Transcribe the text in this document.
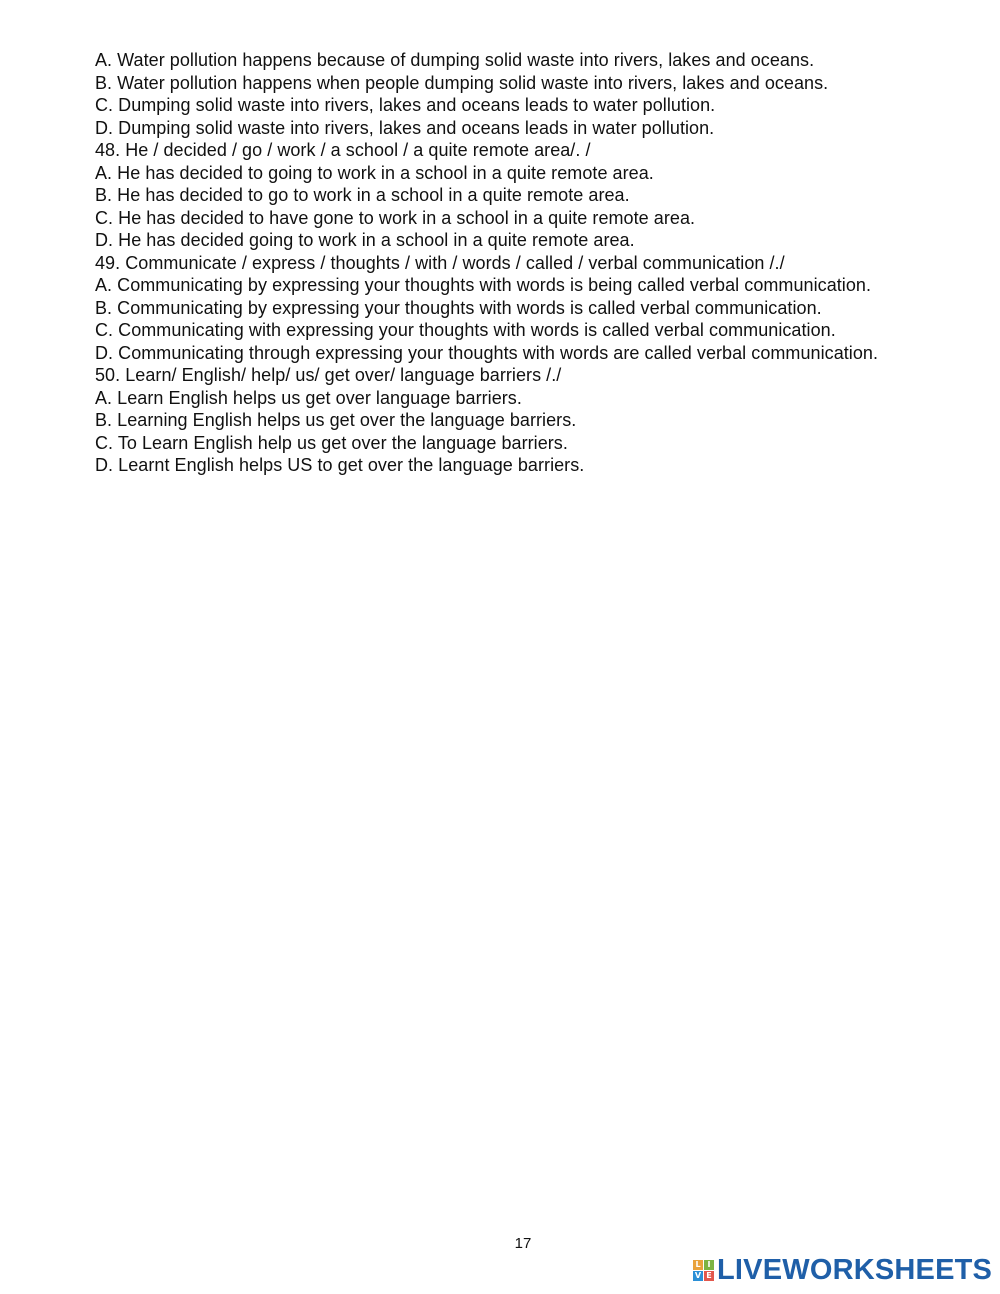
A. Water pollution happens because of dumping solid waste into rivers, lakes and oceans.
B. Water pollution happens when people dumping solid waste into rivers, lakes and oceans.
C. Dumping solid waste into rivers, lakes and oceans leads to water pollution.
D. Dumping solid waste into rivers, lakes and oceans leads in water pollution.
48. He / decided / go / work / a school / a quite remote area/. /
A. He has decided to going to work in a school in a quite remote area.
B. He has decided to go to work in a school in a quite remote area.
C. He has decided to have gone to work in a school in a quite remote area.
D. He has decided going to work in a school in a quite remote area.
49. Communicate / express / thoughts / with / words / called / verbal communication /./
A. Communicating by expressing your thoughts with words is being called verbal communication.
B. Communicating by expressing your thoughts with words is called verbal communication.
C. Communicating with expressing your thoughts with words is called verbal communication.
D. Communicating through expressing your thoughts with words are called verbal communication.
50. Learn/ English/ help/ us/ get over/ language barriers /./
A. Learn English helps us get over language barriers.
B. Learning English helps us get over the language barriers.
C. To Learn English help us get over the language barriers.
D. Learnt English helps US to get over the language barriers.
17
L I
V E LIVEWORKSHEETS
